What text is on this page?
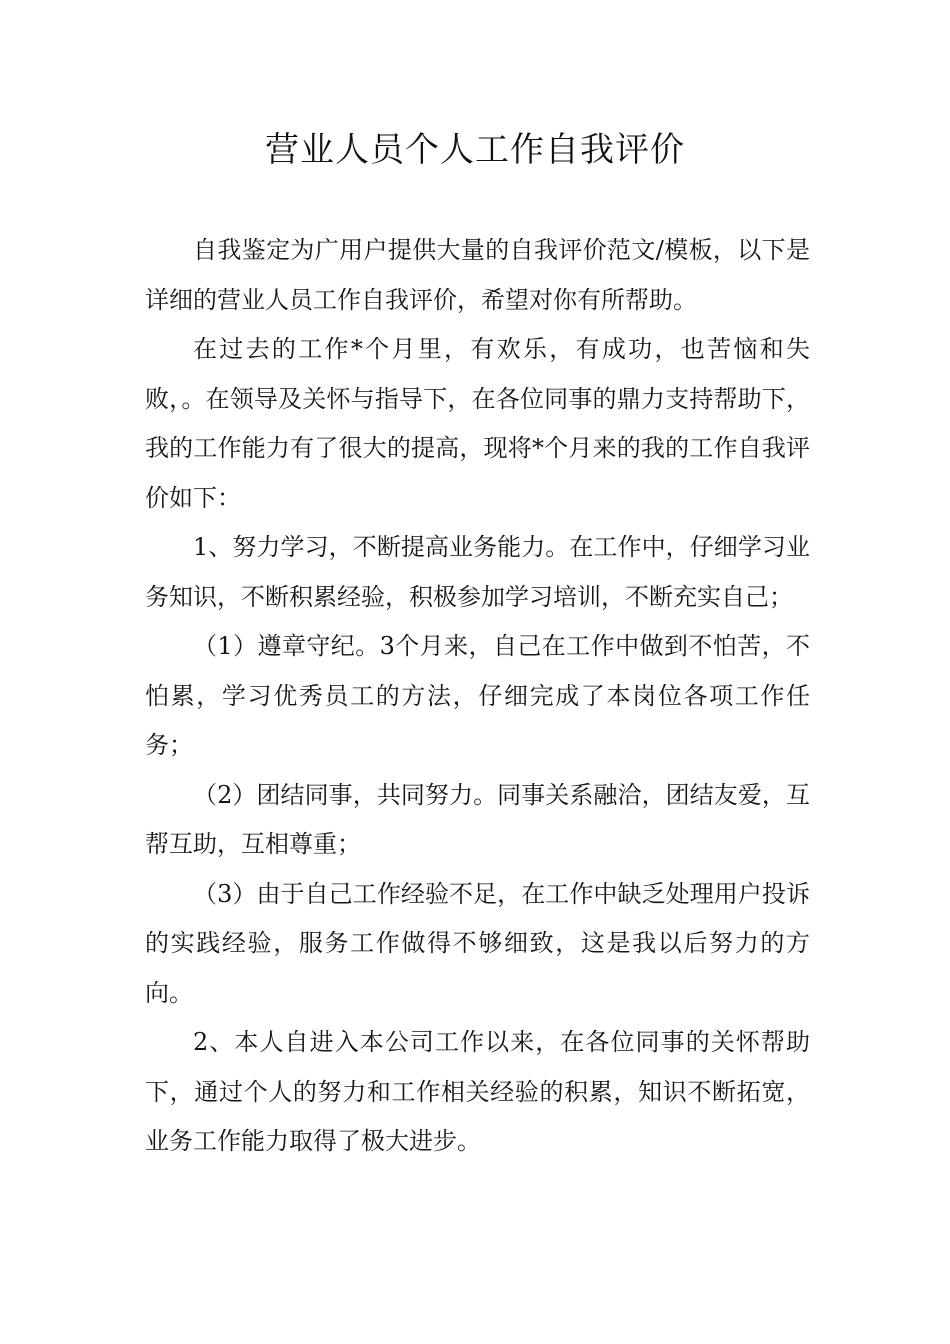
营业人员个人工作自我评价

自我鉴定为广用户提供大量的自我评价范文/模板，以下是详细的营业人员工作自我评价，希望对你有所帮助。

在过去的工作*个月里，有欢乐，有成功，也苦恼和失败，。在领导及关怀与指导下，在各位同事的鼎力支持帮助下，我的工作能力有了很大的提高，现将*个月来的我的工作自我评价如下：

1、努力学习，不断提高业务能力。在工作中，仔细学习业务知识，不断积累经验，积极参加学习培训，不断充实自己；

（1）遵章守纪。3个月来，自己在工作中做到不怕苦，不怕累，学习优秀员工的方法，仔细完成了本岗位各项工作任务；

（2）团结同事，共同努力。同事关系融洽，团结友爱，互帮互助，互相尊重；

（3）由于自己工作经验不足，在工作中缺乏处理用户投诉的实践经验，服务工作做得不够细致，这是我以后努力的方向。

2、本人自进入本公司工作以来，在各位同事的关怀帮助下，通过个人的努力和工作相关经验的积累，知识不断拓宽，业务工作能力取得了极大进步。
